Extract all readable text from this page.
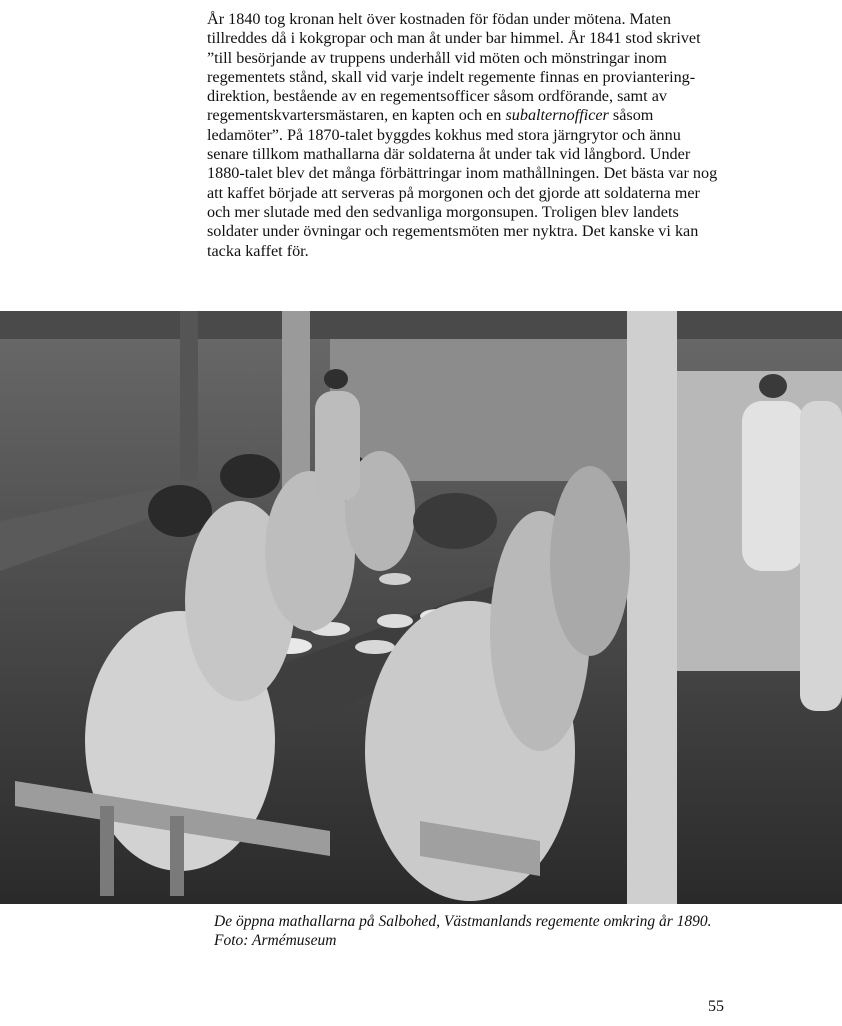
År 1840 tog kronan helt över kostnaden för födan under mötena. Maten tillreddes då i kokgropar och man åt under bar himmel. År 1841 stod skrivet ”till besörjande av truppens underhåll vid möten och mönstringar inom regementets stånd, skall vid varje indelt regemente finnas en proviantering-direktion, bestående av en regementsofficer såsom ordförande, samt av regementskvartersmästaren, en kapten och en subalternofficer såsom ledamöter”. På 1870-talet byggdes kokhus med stora järngrytor och ännu senare tillkom mathallarna där soldaterna åt under tak vid långbord. Under 1880-talet blev det många förbättringar inom mathållningen. Det bästa var nog att kaffet började att serveras på morgonen och det gjorde att soldaterna mer och mer slutade med den sedvanliga morgonsupen. Troligen blev landets soldater under övningar och regementsmöten mer nyktra. Det kanske vi kan tacka kaffet för.

De öppna mathallarna på Salbohed, Västmanlands regemente omkring år 1890.

Foto: Armémuseum

55
